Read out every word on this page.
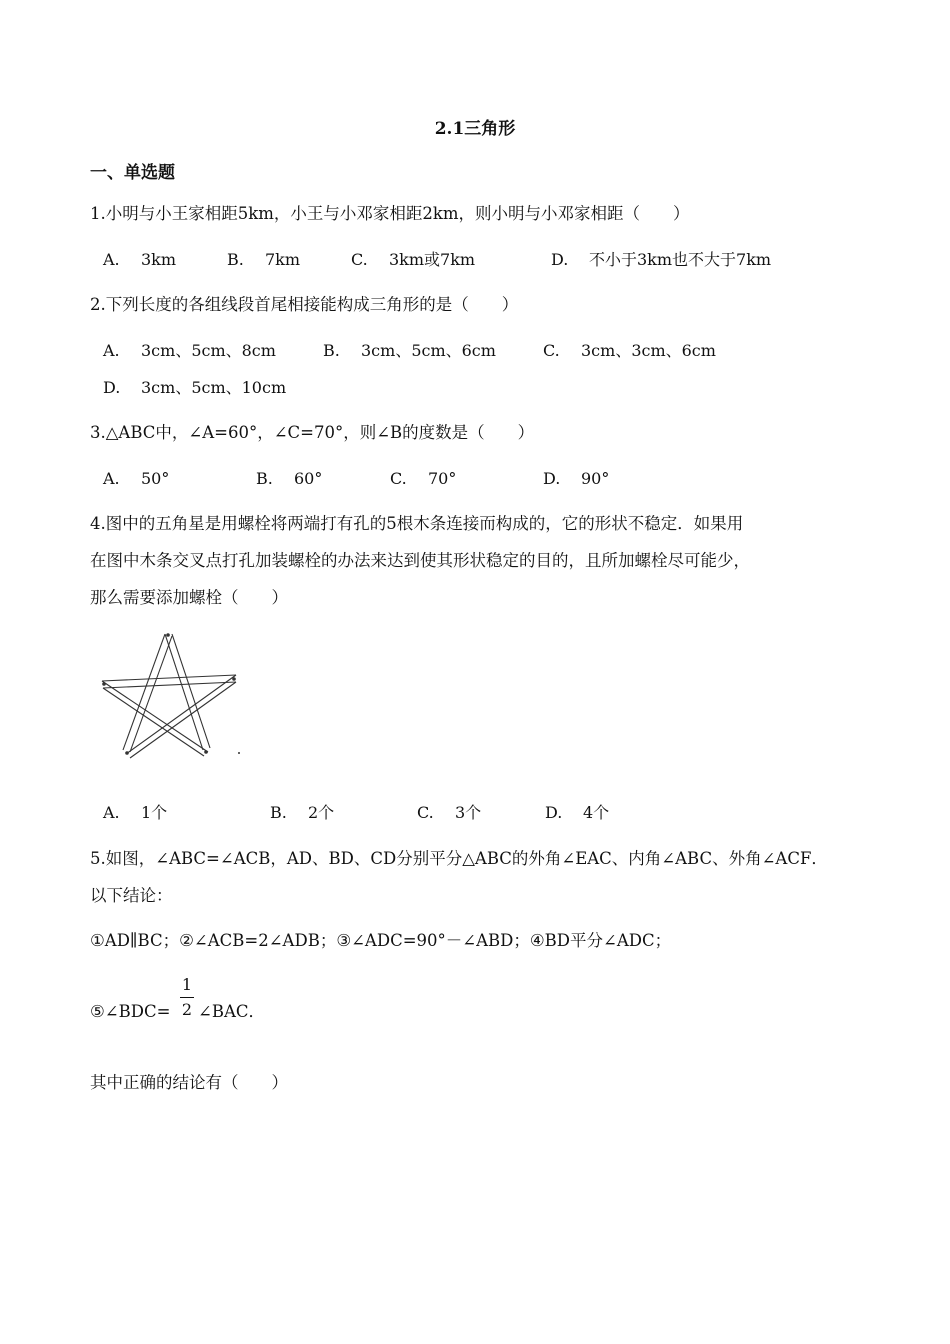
2.1三角形
一、单选题
1.小明与小王家相距5km，小王与小邓家相距2km，则小明与小邓家相距（　　）
A. 3km	B. 7km	C. 3km或7km	D. 不小于3km也不大于7km
2.下列长度的各组线段首尾相接能构成三角形的是（　　）
A. 3cm、5cm、8cm	B. 3cm、5cm、6cm	C. 3cm、3cm、6cm
D. 3cm、5cm、10cm
3.△ABC中，∠A=60°，∠C=70°，则∠B的度数是（　　）
A. 50°	B. 60°	C. 70°	D. 90°
4.图中的五角星是用螺栓将两端打有孔的5根木条连接而构成的，它的形状不稳定．如果用
在图中木条交叉点打孔加装螺栓的办法来达到使其形状稳定的目的，且所加螺栓尽可能少，
那么需要添加螺栓（　　）
A. 1个	B. 2个	C. 3个	D. 4个
5.如图，∠ABC=∠ACB，AD、BD、CD分别平分△ABC的外角∠EAC、内角∠ABC、外角∠ACF．
以下结论：
①AD∥BC；②∠ACB=2∠ADB；③∠ADC=90°－∠ABD；④BD平分∠ADC；
⑤∠BDC=
1
2 ∠BAC．
其中正确的结论有（　　）
